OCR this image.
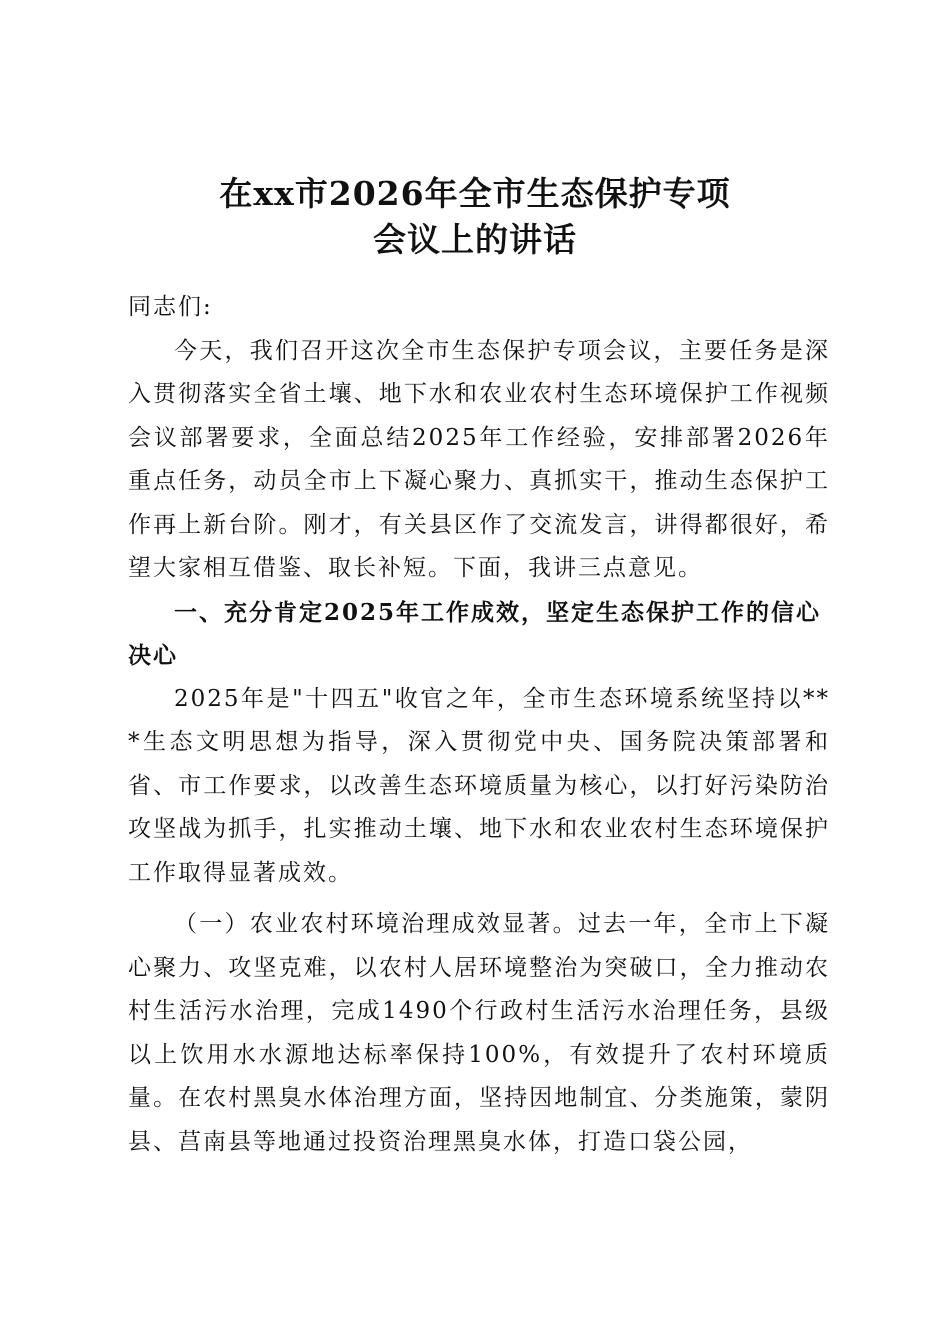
在xx市2026年全市生态保护专项
会议上的讲话

同志们:

今天，我们召开这次全市生态保护专项会议，主要任务是深入贯彻落实全省土壤、地下水和农业农村生态环境保护工作视频会议部署要求，全面总结2025年工作经验，安排部署2026年重点任务，动员全市上下凝心聚力、真抓实干，推动生态保护工作再上新台阶。刚才，有关县区作了交流发言，讲得都很好，希望大家相互借鉴、取长补短。下面，我讲三点意见。

一、充分肯定2025年工作成效，坚定生态保护工作的信心决心

2025年是"十四五"收官之年，全市生态环境系统坚持以***生态文明思想为指导，深入贯彻党中央、国务院决策部署和省、市工作要求，以改善生态环境质量为核心，以打好污染防治攻坚战为抓手，扎实推动土壤、地下水和农业农村生态环境保护工作取得显著成效。

（一）农业农村环境治理成效显著。过去一年，全市上下凝心聚力、攻坚克难，以农村人居环境整治为突破口，全力推动农村生活污水治理，完成1490个行政村生活污水治理任务，县级以上饮用水水源地达标率保持100%，有效提升了农村环境质量。在农村黑臭水体治理方面，坚持因地制宜、分类施策，蒙阴县、莒南县等地通过投资治理黑臭水体，打造口袋公园，
